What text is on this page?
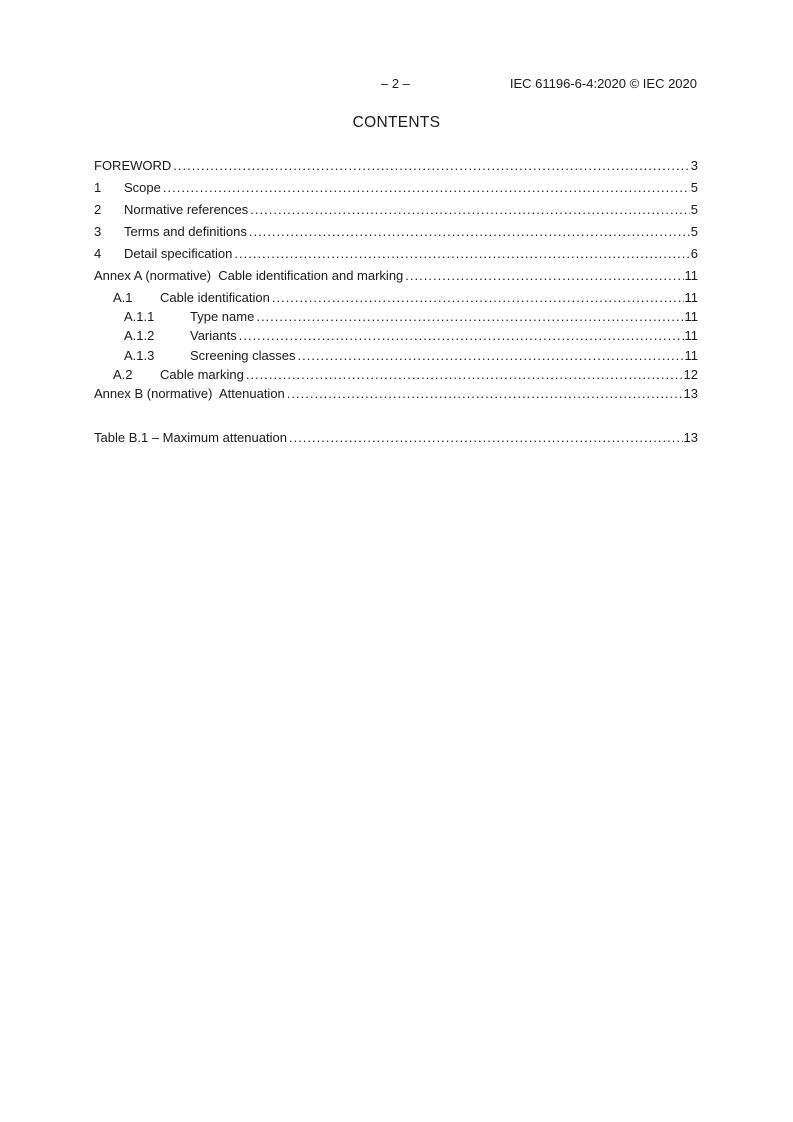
– 2 –	IEC 61196-6-4:2020 © IEC 2020
CONTENTS
FOREWORD .....	3
1	Scope .....	5
2	Normative references .....	5
3	Terms and definitions .....	5
4	Detail specification .....	6
Annex A (normative)  Cable identification and marking .....	11
A.1	Cable identification .....	11
A.1.1	Type name .....	11
A.1.2	Variants .....	11
A.1.3	Screening classes .....	11
A.2	Cable marking .....	12
Annex B (normative)  Attenuation .....	13
Table B.1 – Maximum attenuation .....	13
